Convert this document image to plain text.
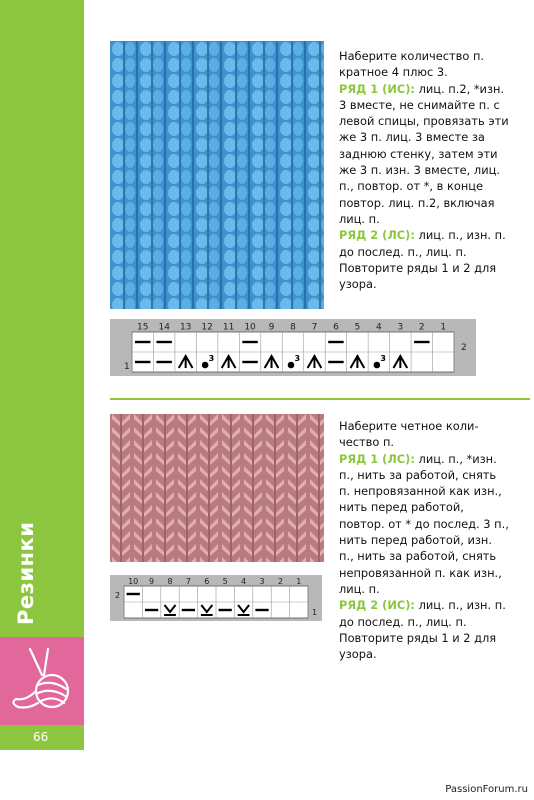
Резинки
66
Наберите количество п. кратное 4 плюс 3.
РЯД 1 (ИС): лиц. п.2, *изн. 3 вместе, не снимайте п. с левой спицы, провязать эти же 3 п. лиц. 3 вместе за заднюю стенку, затем эти же 3 п. изн. 3 вместе, лиц. п., повтор. от *, в конце повтор. лиц. п.2, включая лиц. п.
РЯД 2 (ЛС): лиц. п., изн. п. до послед. п., лиц. п. Повторите ряды 1 и 2 для узора.
15 14 13 12 11 10 9 8 7 6 5 4 3 2 1
3	3	3
1
2
10 9 8 7 6 5 4 3 2 1
2
1
Наберите четное количество п.
РЯД 1 (ЛС): лиц. п., *изн. п., нить за работой, снять п. непровязанной как изн., нить перед работой, повтор. от * до послед. 3 п., нить перед работой, изн. п., нить за работой, снять непровязанной п. как изн., лиц. п.
РЯД 2 (ИС): лиц. п., изн. п. до послед. п., лиц. п. Повторите ряды 1 и 2 для узора.
PassionForum.ru
